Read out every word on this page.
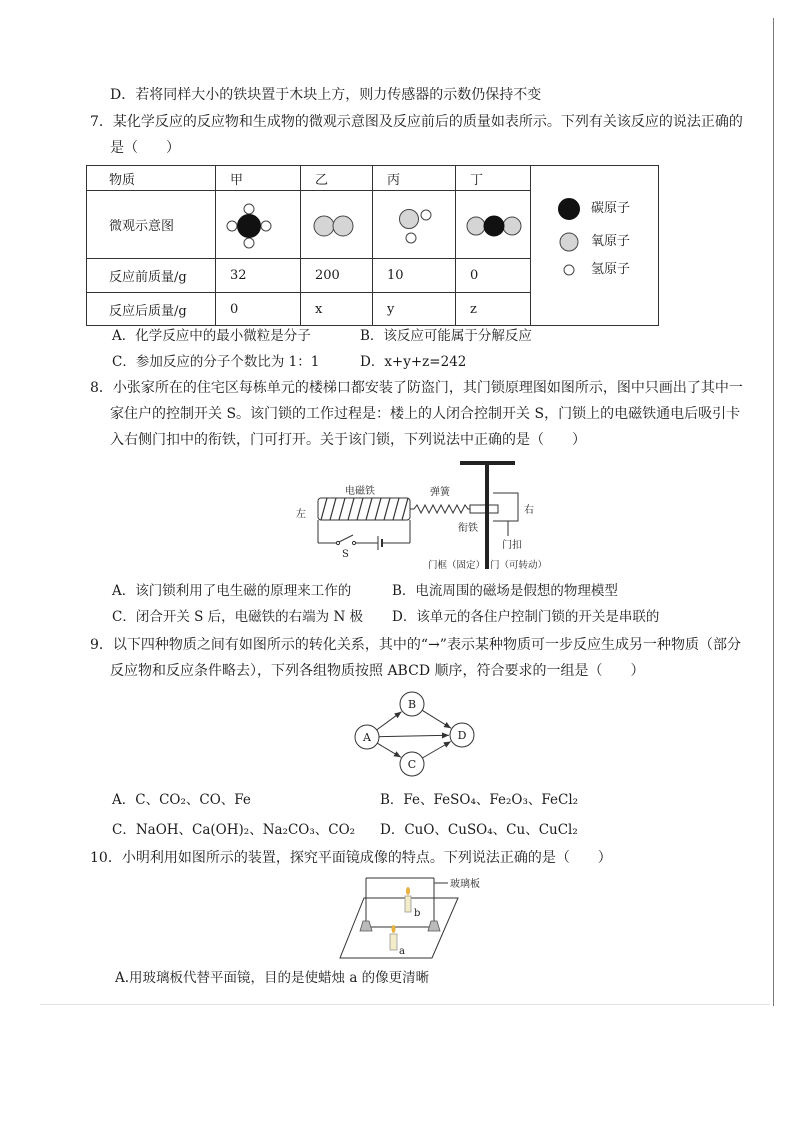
D．若将同样大小的铁块置于木块上方，则力传感器的示数仍保持不变
7．某化学反应的反应物和生成物的微观示意图及反应前后的质量如表所示。下列有关该反应的说法正确的
是（　　）
物质	甲	乙	丙	丁	碳原子
氧原子
氢原子

微观示意图	

反应前质量/g	32	200	10	0	
反应后质量/g	0	x	y	z	
A．化学反应中的最小微粒是分子	B．该反应可能属于分解反应
C．参加反应的分子个数比为 1：1	D．x+y+z=242
8．小张家所在的住宅区每栋单元的楼梯口都安装了防盗门，其门锁原理图如图所示，图中只画出了其中一
家住户的控制开关 S。该门锁的工作过程是：楼上的人闭合控制开关 S，门锁上的电磁铁通电后吸引卡
入右侧门扣中的衔铁，门可打开。关于该门锁，下列说法中正确的是（　　）
电磁铁
左
S
弹簧
衔铁
门扣
右
门框（固定） 门（可转动）
A．该门锁利用了电生磁的原理来工作的	B．电流周围的磁场是假想的物理模型
C．闭合开关 S 后，电磁铁的右端为 N 极 D．该单元的各住户控制门锁的开关是串联的
9．以下四种物质之间有如图所示的转化关系，其中的“→”表示某种物质可一步反应生成另一种物质（部分
反应物和反应条件略去），下列各组物质按照 ABCD 顺序，符合要求的一组是（　　）
A
B
C
D
A．C、CO₂、CO、Fe	B．Fe、FeSO₄、Fe₂O₃、FeCl₂
C．NaOH、Ca(OH)₂、Na₂CO₃、CO₂ D．CuO、CuSO₄、Cu、CuCl₂
10．小明利用如图所示的装置，探究平面镜成像的特点。下列说法正确的是（　　）
b
a
玻璃板
A.用玻璃板代替平面镜，目的是使蜡烛 a 的像更清晰
